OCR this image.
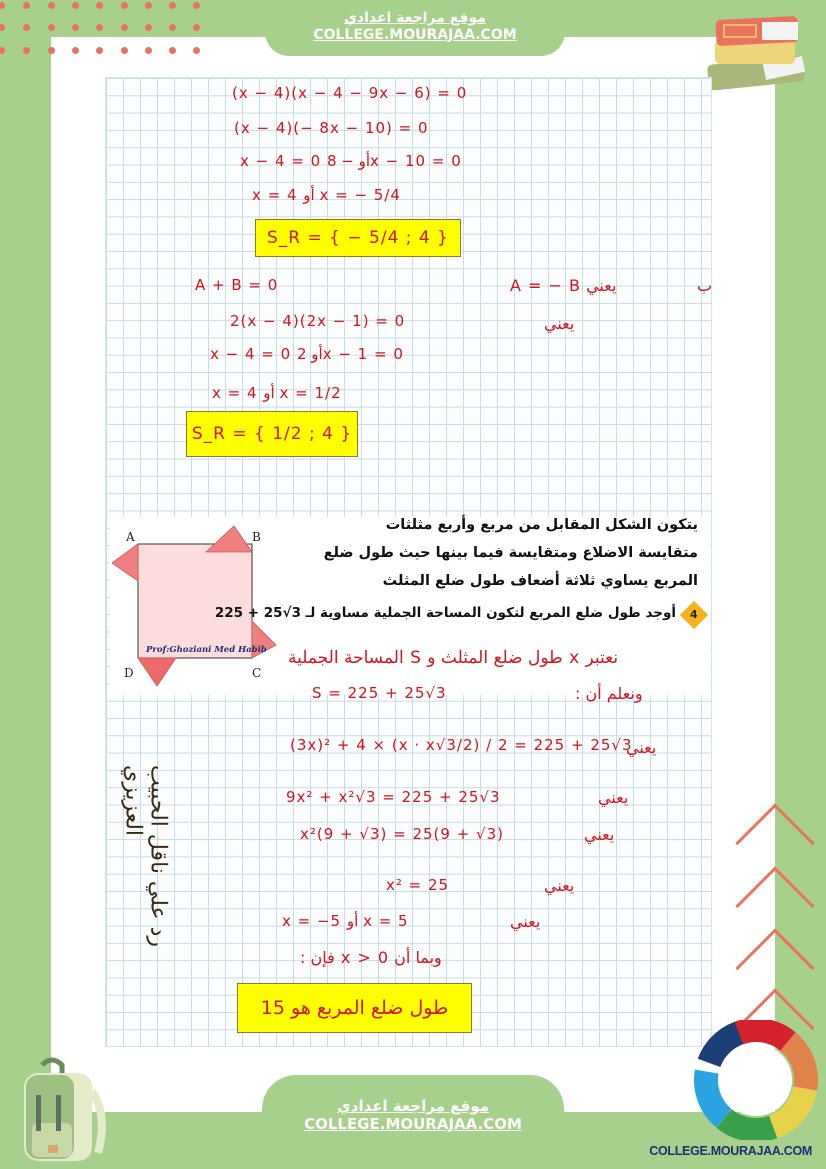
موقع مراجعة اعدادي
COLLEGE.MOURAJAA.COM
(x − 4)(x − 4 − 9x − 6) = 0
(x − 4)(− 8x − 10) = 0
x − 4 = 0 أو − 8x − 10 = 0
x = 4 أو x = − 5/4
S_R = { − 5/4 ; 4 }
A + B = 0
2(x − 4)(2x − 1) = 0
x − 4 = 0 أو 2x − 1 = 0
x = 4 أو x = 1/2
يعني A = − B
يعني
ب
S_R = { 1/2 ; 4 }
A	B
C
D
Prof:Ghoziani Med Habib
يتكون الشكل المقابل من مربع وأربع مثلثات
متقايسة الاضلاع ومتقايسة فيما بينها حيث طول ضلع
المربع يساوي ثلاثة أضعاف طول ضلع المثلث
4
أوجد طول ضلع المربع لتكون المساحة الجملية مساوية لـ 3√25 + 225
نعتبر x طول ضلع المثلث و S المساحة الجملية
ونعلم أن :
S = 225 + 25√3
(3x)² + 4 × (x · x√3/2) / 2 = 225 + 25√3
يعني
9x² + x²√3 = 225 + 25√3	يعني
x²(9 + √3) = 25(9 + √3)	يعني
x² = 25	يعني
x = −5 أو x = 5	يعني
وبما أن x > 0 فإن :
طول ضلع المربع هو 15
رد علي ناقل الحبيب العزيزي
موقع مراجعة اعدادي
COLLEGE.MOURAJAA.COM
COLLEGE.MOURAJAA.COM
